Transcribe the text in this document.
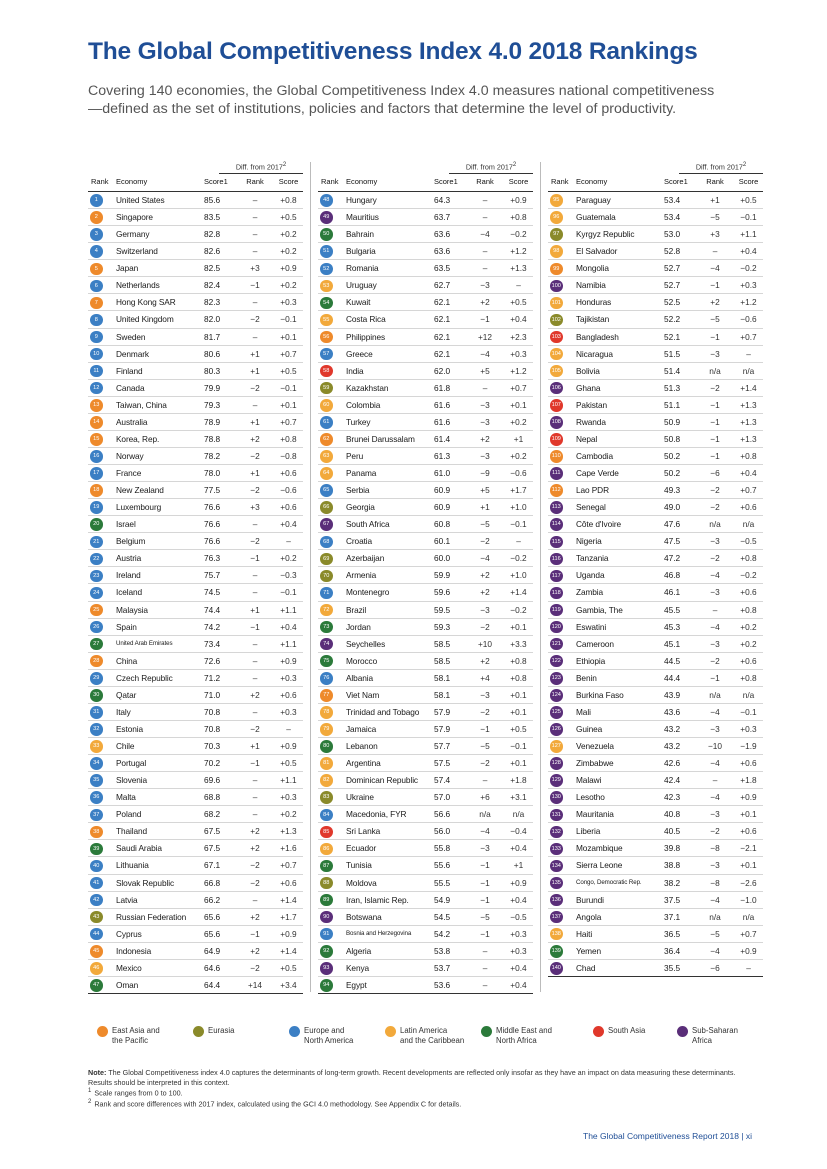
The Global Competitiveness Index 4.0 2018 Rankings
Covering 140 economies, the Global Competitiveness Index 4.0 measures national competitiveness—defined as the set of institutions, policies and factors that determine the level of productivity.
Diff. from 2017$^2$
Rank Economy	Score1	Rank	Score
1	United States	85.6	–	+0.8
2	Singapore	83.5	–	+0.5
3	Germany	82.8	–	+0.2
4	Switzerland	82.6	–	+0.2
5	Japan	82.5	+3	+0.9
6	Netherlands	82.4	−1	+0.2
7	Hong Kong SAR	82.3	–	+0.3
8	United Kingdom	82.0	−2	−0.1
9	Sweden	81.7	–	+0.1
10	Denmark	80.6	+1	+0.7
11	Finland	80.3	+1	+0.5
12	Canada	79.9	−2	−0.1
13	Taiwan, China	79.3	–	+0.1
14	Australia	78.9	+1	+0.7
15	Korea, Rep.	78.8	+2	+0.8
16	Norway	78.2	−2	−0.8
17	France	78.0	+1	+0.6
18	New Zealand	77.5	−2	−0.6
19	Luxembourg	76.6	+3	+0.6
20	Israel	76.6	–	+0.4
21	Belgium	76.6	−2	–
22	Austria	76.3	−1	+0.2
23	Ireland	75.7	–	−0.3
24	Iceland	74.5	–	−0.1
25	Malaysia	74.4	+1	+1.1
26	Spain	74.2	−1	+0.4
27	United Arab Emirates	73.4	–	+1.1
28	China	72.6	–	+0.9
29	Czech Republic	71.2	–	+0.3
30	Qatar	71.0	+2	+0.6
31	Italy	70.8	–	+0.3
32	Estonia	70.8	−2	–
33	Chile	70.3	+1	+0.9
34	Portugal	70.2	−1	+0.5
35	Slovenia	69.6	–	+1.1
36	Malta	68.8	–	+0.3
37	Poland	68.2	–	+0.2
38	Thailand	67.5	+2	+1.3
39	Saudi Arabia	67.5	+2	+1.6
40	Lithuania	67.1	−2	+0.7
41	Slovak Republic	66.8	−2	+0.6
42	Latvia	66.2	–	+1.4
43	Russian Federation	65.6	+2	+1.7
44	Cyprus	65.6	−1	+0.9
45	Indonesia	64.9	+2	+1.4
46	Mexico	64.6	−2	+0.5
47	Oman	64.4	+14	+3.4
Diff. from 2017$^2$
Rank Economy	Score1	Rank	Score
48	Hungary	64.3	–	+0.9
49	Mauritius	63.7	–	+0.8
50	Bahrain	63.6	−4	−0.2
51	Bulgaria	63.6	–	+1.2
52	Romania	63.5	–	+1.3
53	Uruguay	62.7	−3	–
54	Kuwait	62.1	+2	+0.5
55	Costa Rica	62.1	−1	+0.4
56	Philippines	62.1	+12	+2.3
57	Greece	62.1	−4	+0.3
58	India	62.0	+5	+1.2
59	Kazakhstan	61.8	–	+0.7
60	Colombia	61.6	−3	+0.1
61	Turkey	61.6	−3	+0.2
62	Brunei Darussalam	61.4	+2	+1
63	Peru	61.3	−3	+0.2
64	Panama	61.0	−9	−0.6
65	Serbia	60.9	+5	+1.7
66	Georgia	60.9	+1	+1.0
67	South Africa	60.8	−5	−0.1
68	Croatia	60.1	−2	–
69	Azerbaijan	60.0	−4	−0.2
70	Armenia	59.9	+2	+1.0
71	Montenegro	59.6	+2	+1.4
72	Brazil	59.5	−3	−0.2
73	Jordan	59.3	−2	+0.1
74	Seychelles	58.5	+10	+3.3
75	Morocco	58.5	+2	+0.8
76	Albania	58.1	+4	+0.8
77	Viet Nam	58.1	−3	+0.1
78	Trinidad and Tobago	57.9	−2	+0.1
79	Jamaica	57.9	−1	+0.5
80	Lebanon	57.7	−5	−0.1
81	Argentina	57.5	−2	+0.1
82	Dominican Republic	57.4	–	+1.8
83	Ukraine	57.0	+6	+3.1
84	Macedonia, FYR	56.6	n/a	n/a
85	Sri Lanka	56.0	−4	−0.4
86	Ecuador	55.8	−3	+0.4
87	Tunisia	55.6	−1	+1
88	Moldova	55.5	−1	+0.9
89	Iran, Islamic Rep.	54.9	−1	+0.4
90	Botswana	54.5	−5	−0.5
91	Bosnia and Herzegovina	54.2	−1	+0.3
92	Algeria	53.8	–	+0.3
93	Kenya	53.7	–	+0.4
94	Egypt	53.6	–	+0.4
Diff. from 2017$^2$
Rank Economy	Score1	Rank	Score
95	Paraguay	53.4	+1	+0.5
96	Guatemala	53.4	−5	−0.1
97	Kyrgyz Republic	53.0	+3	+1.1
98	El Salvador	52.8	–	+0.4
99	Mongolia	52.7	−4	−0.2
100 Namibia	52.7	−1	+0.3
101 Honduras	52.5	+2	+1.2
102 Tajikistan	52.2	−5	−0.6
103 Bangladesh	52.1	−1	+0.7
104 Nicaragua	51.5	−3	–
105 Bolivia	51.4	n/a	n/a
106 Ghana	51.3	−2	+1.4
107 Pakistan	51.1	−1	+1.3
108 Rwanda	50.9	−1	+1.3
109 Nepal	50.8	−1	+1.3
110 Cambodia	50.2	−1	+0.8
111 Cape Verde	50.2	−6	+0.4
112 Lao PDR	49.3	−2	+0.7
113 Senegal	49.0	−2	+0.6
114 Côte d'Ivoire	47.6	n/a	n/a
115 Nigeria	47.5	−3	−0.5
116 Tanzania	47.2	−2	+0.8
117 Uganda	46.8	−4	−0.2
118 Zambia	46.1	−3	+0.6
119 Gambia, The	45.5	–	+0.8
120 Eswatini	45.3	−4	+0.2
121 Cameroon	45.1	−3	+0.2
122 Ethiopia	44.5	−2	+0.6
123 Benin	44.4	−1	+0.8
124 Burkina Faso	43.9	n/a	n/a
125 Mali	43.6	−4	−0.1
126 Guinea	43.2	−3	+0.3
127 Venezuela	43.2	−10	−1.9
128 Zimbabwe	42.6	−4	+0.6
129 Malawi	42.4	–	+1.8
130 Lesotho	42.3	−4	+0.9
131 Mauritania	40.8	−3	+0.1
132 Liberia	40.5	−2	+0.6
133 Mozambique	39.8	−8	−2.1
134 Sierra Leone	38.8	−3	+0.1
135 Congo, Democratic Rep.	38.2	−8	−2.6
136 Burundi	37.5	−4	−1.0
137 Angola	37.1	n/a	n/a
138 Haiti	36.5	−5	+0.7
139 Yemen	36.4	−4	+0.9
140 Chad	35.5	−6	–
East Asia and
the Pacific
Eurasia	Europe and
North America
Latin America
and the Caribbean
Middle East and
North Africa
South Asia	Sub-Saharan
Africa
Note: The Global Competitiveness index 4.0 captures the determinants of long-term growth. Recent developments are reflected only insofar as they have an impact on data measuring these determinants. Results should be interpreted in this context.
$^1$ Scale ranges from 0 to 100.
$^2$ Rank and score differences with 2017 index, calculated using the GCI 4.0 methodology. See Appendix C for details.
The Global Competitiveness Report 2018 | xi
